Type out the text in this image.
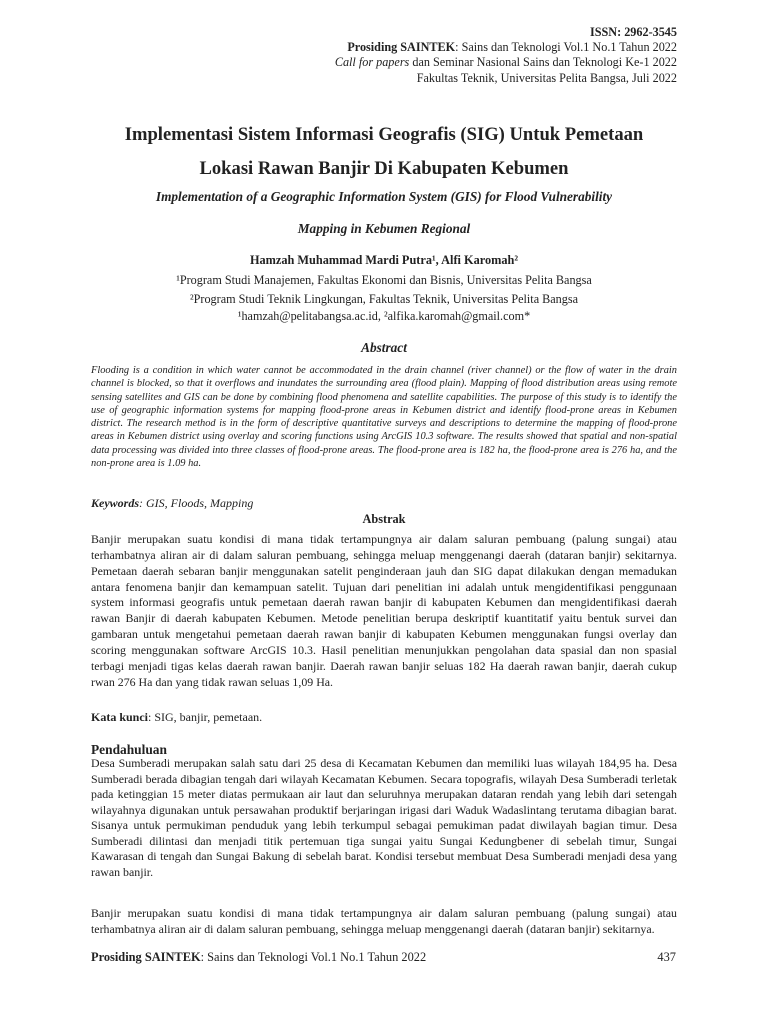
ISSN: 2962-3545
Prosiding SAINTEK: Sains dan Teknologi Vol.1 No.1 Tahun 2022
Call for papers dan Seminar Nasional Sains dan Teknologi Ke-1 2022
Fakultas Teknik, Universitas Pelita Bangsa, Juli 2022
Implementasi Sistem Informasi Geografis (SIG) Untuk Pemetaan
Lokasi Rawan Banjir Di Kabupaten Kebumen
Implementation of a Geographic Information System (GIS) for Flood Vulnerability
Mapping in Kebumen Regional
Hamzah Muhammad Mardi Putra¹, Alfi Karomah²
¹Program Studi Manajemen, Fakultas Ekonomi dan Bisnis, Universitas Pelita Bangsa
²Program Studi Teknik Lingkungan, Fakultas Teknik, Universitas Pelita Bangsa
¹hamzah@pelitabangsa.ac.id, ²alfika.karomah@gmail.com*
Abstract
Flooding is a condition in which water cannot be accommodated in the drain channel (river channel) or the flow of water in the drain channel is blocked, so that it overflows and inundates the surrounding area (flood plain). Mapping of flood distribution areas using remote sensing satellites and GIS can be done by combining flood phenomena and satellite capabilities. The purpose of this study is to identify the use of geographic information systems for mapping flood-prone areas in Kebumen district and identify flood-prone areas in Kebumen district. The research method is in the form of descriptive quantitative surveys and descriptions to determine the mapping of flood-prone areas in Kebumen district using overlay and scoring functions using ArcGIS 10.3 software. The results showed that spatial and non-spatial data processing was divided into three classes of flood-prone areas. The flood-prone area is 182 ha, the flood-prone area is 276 ha, and the non-prone area is 1.09 ha.
Keywords: GIS, Floods, Mapping
Abstrak
Banjir merupakan suatu kondisi di mana tidak tertampungnya air dalam saluran pembuang (palung sungai) atau terhambatnya aliran air di dalam saluran pembuang, sehingga meluap menggenangi daerah (dataran banjir) sekitarnya. Pemetaan daerah sebaran banjir menggunakan satelit penginderaan jauh dan SIG dapat dilakukan dengan memadukan antara fenomena banjir dan kemampuan satelit. Tujuan dari penelitian ini adalah untuk mengidentifikasi penggunaan system informasi geografis untuk pemetaan daerah rawan banjir di kabupaten Kebumen dan mengidentifikasi daerah rawan Banjir di daerah kabupaten Kebumen. Metode penelitian berupa deskriptif kuantitatif yaitu bentuk survei dan gambaran untuk mengetahui pemetaan daerah rawan banjir di kabupaten Kebumen menggunakan fungsi overlay dan scoring menggunakan software ArcGIS 10.3. Hasil penelitian menunjukkan pengolahan data spasial dan non spasial terbagi menjadi tigas kelas daerah rawan banjir. Daerah rawan banjir seluas 182 Ha daerah rawan banjir, daerah cukup rwan 276 Ha dan yang tidak rawan seluas 1,09 Ha.
Kata kunci: SIG, banjir, pemetaan.
Pendahuluan
Desa Sumberadi merupakan salah satu dari 25 desa di Kecamatan Kebumen dan memiliki luas wilayah 184,95 ha. Desa Sumberadi berada dibagian tengah dari wilayah Kecamatan Kebumen. Secara topografis, wilayah Desa Sumberadi terletak pada ketinggian 15 meter diatas permukaan air laut dan seluruhnya merupakan dataran rendah yang lebih dari setengah wilayahnya digunakan untuk persawahan produktif berjaringan irigasi dari Waduk Wadaslintang terutama dibagian barat. Sisanya untuk permukiman penduduk yang lebih terkumpul sebagai pemukiman padat diwilayah bagian timur. Desa Sumberadi dilintasi dan menjadi titik pertemuan tiga sungai yaitu Sungai Kedungbener di sebelah timur, Sungai Kawarasan di tengah dan Sungai Bakung di sebelah barat. Kondisi tersebut membuat Desa Sumberadi menjadi desa yang rawan banjir.
Banjir merupakan suatu kondisi di mana tidak tertampungnya air dalam saluran pembuang (palung sungai) atau terhambatnya aliran air di dalam saluran pembuang, sehingga meluap menggenangi daerah (dataran banjir) sekitarnya.
Prosiding SAINTEK: Sains dan Teknologi Vol.1 No.1 Tahun 2022	437
